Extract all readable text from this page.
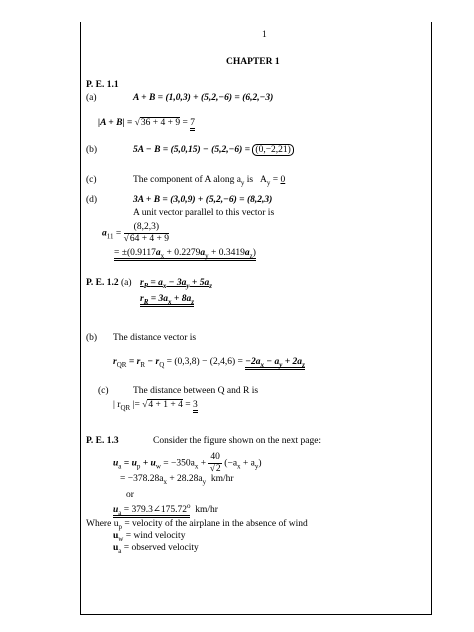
1
CHAPTER 1
P. E. 1.1
(a)	A + B = (1,0,3) + (5,2,−6) = (6,2,−3)
|A + B| = √36 + 4 + 9 = 7
(b)	5A − B = (5,0,15) − (5,2,−6) = (0,−2,21)
(c)	The component of A along $a_y$ is $A_y = 0$
(d)	3A + B = (3,0,9) + (5,2,−6) = (8,2,3)
A unit vector parallel to this vector is
$a_{11} = \frac{(8,2,3)}{√64 + 4 + 9}$
= $\pm(0.9117a_x + 0.2279a_y + 0.3419a_z)$
P. E. 1.2 (a) $r_P = a_x - 3a_y + 5a_z$
$r_R = 3a_x + 8a_z$
(b) The distance vector is
$r_{QR} = r_R - r_Q = (0,3,8) - (2,4,6) = -2a_x - a_y + 2a_z$
(c)	The distance between Q and R is
| $r_{QR}$ |= √4 + 1 + 4 = 3
P. E. 1.3	Consider the figure shown on the next page:
$u_a = u_p + u_w = -350a_x + \frac{40}{√2} (-a_x + a_y)$
= $-378.28a_x + 28.28a_y$ km/hr
or
$u_a$ = $379.3\angle 175.72^o$ km/hr
Where $u_p$ = velocity of the airplane in the absence of wind
$u_w$ = wind velocity
$u_a$ = observed velocity
